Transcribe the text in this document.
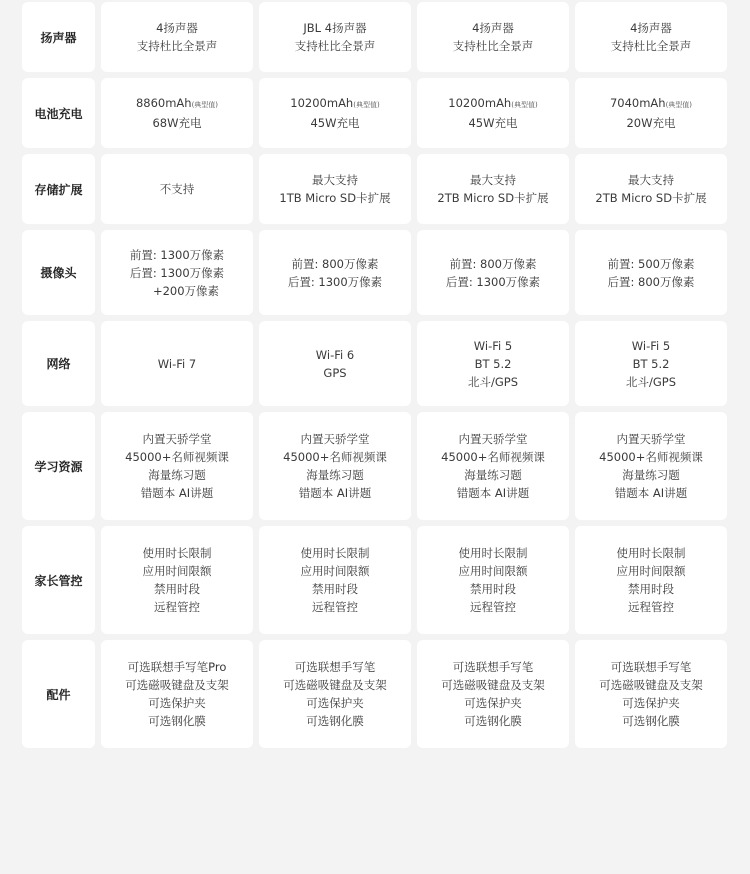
扬声器
4扬声器
支持杜比全景声
JBL 4扬声器
支持杜比全景声
4扬声器
支持杜比全景声
4扬声器
支持杜比全景声
电池充电
8860mAh(典型值)
68W充电
10200mAh(典型值)
45W充电
10200mAh(典型值)
45W充电
7040mAh(典型值)
20W充电
存储扩展	不支持
最大支持
1TB Micro SD卡扩展
最大支持
2TB Micro SD卡扩展
最大支持
2TB Micro SD卡扩展
摄像头
前置: 1300万像素
后置: 1300万像素
+200万像素
前置: 800万像素
后置: 1300万像素
前置: 800万像素
后置: 1300万像素
前置: 500万像素
后置: 800万像素
网络	Wi-Fi 7
Wi-Fi 6
GPS
Wi-Fi 5
BT 5.2
北斗/GPS
Wi-Fi 5
BT 5.2
北斗/GPS
学习资源
内置天骄学堂
45000+名师视频课
海量练习题
错题本 AI讲题
内置天骄学堂
45000+名师视频课
海量练习题
错题本 AI讲题
内置天骄学堂
45000+名师视频课
海量练习题
错题本 AI讲题
内置天骄学堂
45000+名师视频课
海量练习题
错题本 AI讲题
家长管控
使用时长限制
应用时间限额
禁用时段
远程管控
使用时长限制
应用时间限额
禁用时段
远程管控
使用时长限制
应用时间限额
禁用时段
远程管控
使用时长限制
应用时间限额
禁用时段
远程管控
配件
可选联想手写笔Pro
可选磁吸键盘及支架
可选保护夹
可选钢化膜
可选联想手写笔
可选磁吸键盘及支架
可选保护夹
可选钢化膜
可选联想手写笔
可选磁吸键盘及支架
可选保护夹
可选钢化膜
可选联想手写笔
可选磁吸键盘及支架
可选保护夹
可选钢化膜
